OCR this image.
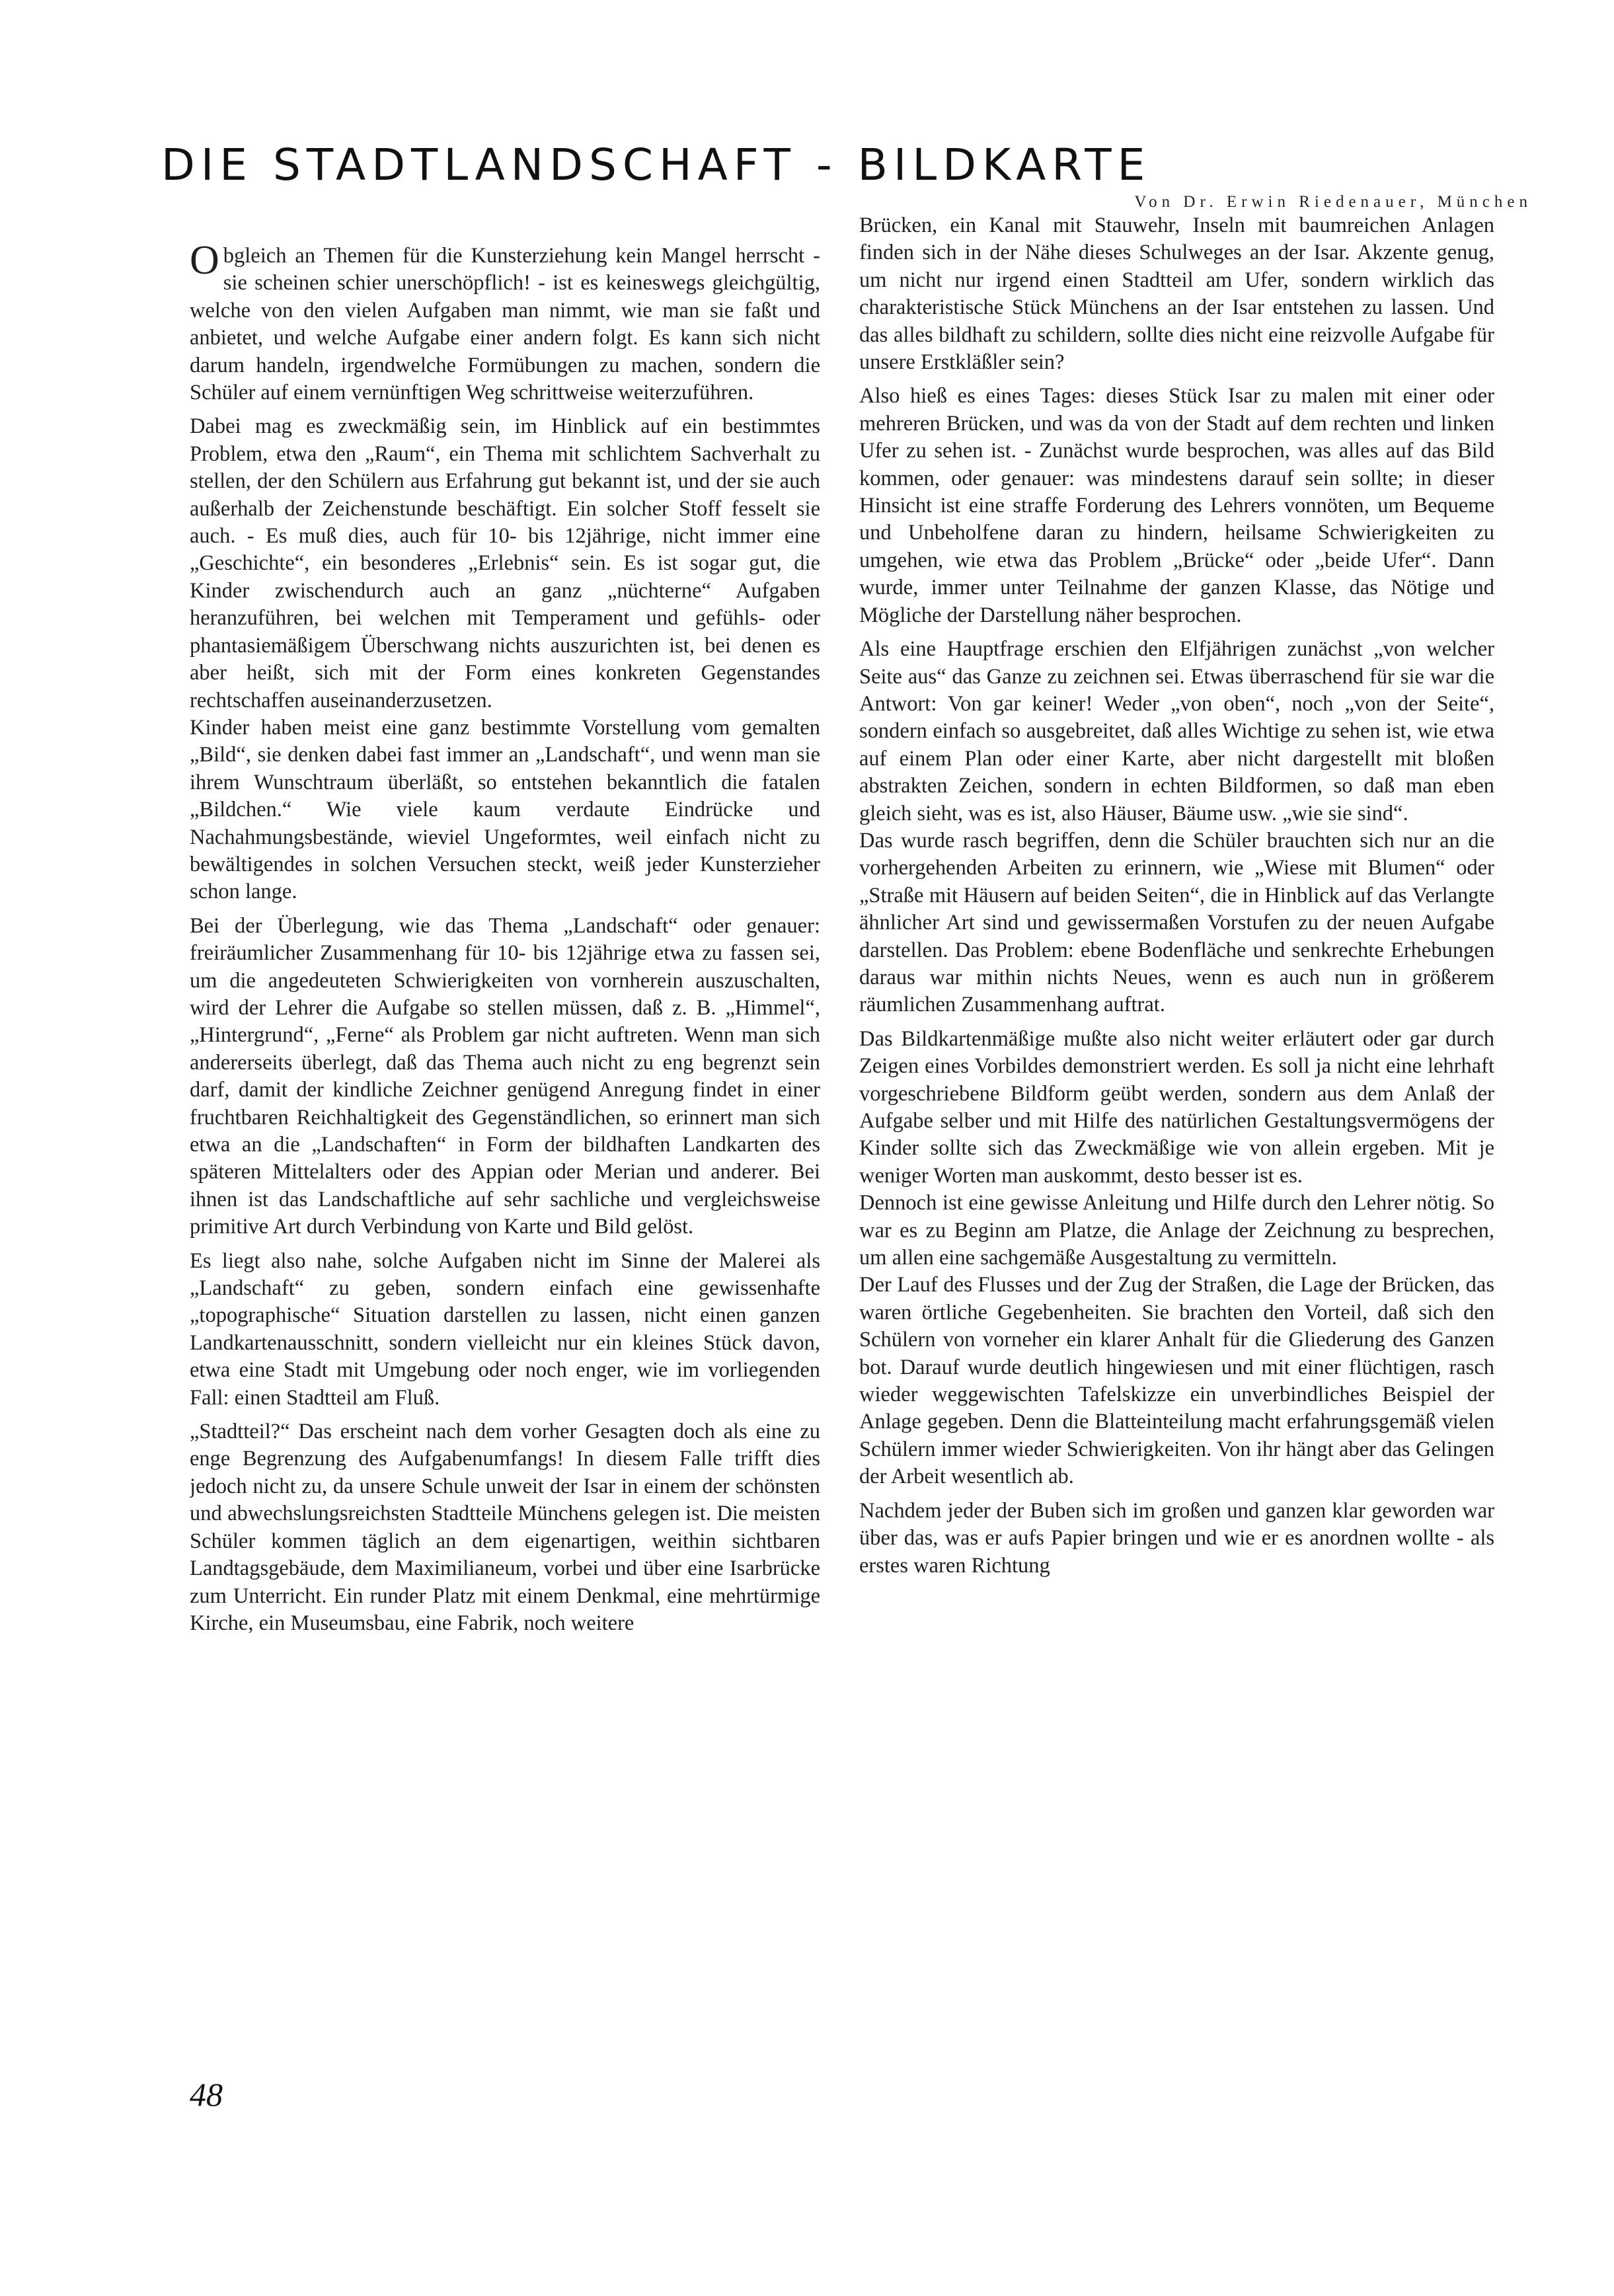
DIE STADTLANDSCHAFT - BILDKARTE
Von Dr. Erwin Riedenauer, München

Obgleich an Themen für die Kunsterziehung kein Mangel herrscht - sie scheinen schier unerschöpflich! - ist es keineswegs gleichgültig, welche von den vielen Aufgaben man nimmt, wie man sie faßt und anbietet, und welche Aufgabe einer andern folgt. Es kann sich nicht darum handeln, irgendwelche Formübungen zu machen, sondern die Schüler auf einem vernünftigen Weg schrittweise weiterzuführen.

Dabei mag es zweckmäßig sein, im Hinblick auf ein bestimmtes Problem, etwa den „Raum“, ein Thema mit schlichtem Sachverhalt zu stellen, der den Schülern aus Erfahrung gut bekannt ist, und der sie auch außerhalb der Zeichenstunde beschäftigt. Ein solcher Stoff fesselt sie auch. - Es muß dies, auch für 10- bis 12jährige, nicht immer eine „Geschichte“, ein besonderes „Erlebnis“ sein. Es ist sogar gut, die Kinder zwischendurch auch an ganz „nüchterne“ Aufgaben heranzuführen, bei welchen mit Temperament und gefühls- oder phantasiemäßigem Überschwang nichts auszurichten ist, bei denen es aber heißt, sich mit der Form eines konkreten Gegenstandes rechtschaffen auseinanderzusetzen.

Kinder haben meist eine ganz bestimmte Vorstellung vom gemalten „Bild“, sie denken dabei fast immer an „Landschaft“, und wenn man sie ihrem Wunschtraum überläßt, so entstehen bekanntlich die fatalen „Bildchen.“ Wie viele kaum verdaute Eindrücke und Nachahmungsbestände, wieviel Ungeformtes, weil einfach nicht zu bewältigendes in solchen Versuchen steckt, weiß jeder Kunsterzieher schon lange.

Bei der Überlegung, wie das Thema „Landschaft“ oder genauer: freiräumlicher Zusammenhang für 10- bis 12jährige etwa zu fassen sei, um die angedeuteten Schwierigkeiten von vornherein auszuschalten, wird der Lehrer die Aufgabe so stellen müssen, daß z. B. „Himmel“, „Hintergrund“, „Ferne“ als Problem gar nicht auftreten. Wenn man sich andererseits überlegt, daß das Thema auch nicht zu eng begrenzt sein darf, damit der kindliche Zeichner genügend Anregung findet in einer fruchtbaren Reichhaltigkeit des Gegenständlichen, so erinnert man sich etwa an die „Landschaften“ in Form der bildhaften Landkarten des späteren Mittelalters oder des Appian oder Merian und anderer. Bei ihnen ist das Landschaftliche auf sehr sachliche und vergleichsweise primitive Art durch Verbindung von Karte und Bild gelöst.

Es liegt also nahe, solche Aufgaben nicht im Sinne der Malerei als „Landschaft“ zu geben, sondern einfach eine gewissenhafte „topographische“ Situation darstellen zu lassen, nicht einen ganzen Landkartenausschnitt, sondern vielleicht nur ein kleines Stück davon, etwa eine Stadt mit Umgebung oder noch enger, wie im vorliegenden Fall: einen Stadtteil am Fluß.

„Stadtteil?“ Das erscheint nach dem vorher Gesagten doch als eine zu enge Begrenzung des Aufgabenumfangs! In diesem Falle trifft dies jedoch nicht zu, da unsere Schule unweit der Isar in einem der schönsten und abwechslungsreichsten Stadtteile Münchens gelegen ist. Die meisten Schüler kommen täglich an dem eigenartigen, weithin sichtbaren Landtagsgebäude, dem Maximilianeum, vorbei und über eine Isarbrücke zum Unterricht. Ein runder Platz mit einem Denkmal, eine mehrtürmige Kirche, ein Museumsbau, eine Fabrik, noch weitere

Brücken, ein Kanal mit Stauwehr, Inseln mit baumreichen Anlagen finden sich in der Nähe dieses Schulweges an der Isar. Akzente genug, um nicht nur irgend einen Stadtteil am Ufer, sondern wirklich das charakteristische Stück Münchens an der Isar entstehen zu lassen. Und das alles bildhaft zu schildern, sollte dies nicht eine reizvolle Aufgabe für unsere Erstkläßler sein?

Also hieß es eines Tages: dieses Stück Isar zu malen mit einer oder mehreren Brücken, und was da von der Stadt auf dem rechten und linken Ufer zu sehen ist. - Zunächst wurde besprochen, was alles auf das Bild kommen, oder genauer: was mindestens darauf sein sollte; in dieser Hinsicht ist eine straffe Forderung des Lehrers vonnöten, um Bequeme und Unbeholfene daran zu hindern, heilsame Schwierigkeiten zu umgehen, wie etwa das Problem „Brücke“ oder „beide Ufer“. Dann wurde, immer unter Teilnahme der ganzen Klasse, das Nötige und Mögliche der Darstellung näher besprochen.

Als eine Hauptfrage erschien den Elfjährigen zunächst „von welcher Seite aus“ das Ganze zu zeichnen sei. Etwas überraschend für sie war die Antwort: Von gar keiner! Weder „von oben“, noch „von der Seite“, sondern einfach so ausgebreitet, daß alles Wichtige zu sehen ist, wie etwa auf einem Plan oder einer Karte, aber nicht dargestellt mit bloßen abstrakten Zeichen, sondern in echten Bildformen, so daß man eben gleich sieht, was es ist, also Häuser, Bäume usw. „wie sie sind“.

Das wurde rasch begriffen, denn die Schüler brauchten sich nur an die vorhergehenden Arbeiten zu erinnern, wie „Wiese mit Blumen“ oder „Straße mit Häusern auf beiden Seiten“, die in Hinblick auf das Verlangte ähnlicher Art sind und gewissermaßen Vorstufen zu der neuen Aufgabe darstellen. Das Problem: ebene Bodenfläche und senkrechte Erhebungen daraus war mithin nichts Neues, wenn es auch nun in größerem räumlichen Zusammenhang auftrat.

Das Bildkartenmäßige mußte also nicht weiter erläutert oder gar durch Zeigen eines Vorbildes demonstriert werden. Es soll ja nicht eine lehrhaft vorgeschriebene Bildform geübt werden, sondern aus dem Anlaß der Aufgabe selber und mit Hilfe des natürlichen Gestaltungsvermögens der Kinder sollte sich das Zweckmäßige wie von allein ergeben. Mit je weniger Worten man auskommt, desto besser ist es.

Dennoch ist eine gewisse Anleitung und Hilfe durch den Lehrer nötig. So war es zu Beginn am Platze, die Anlage der Zeichnung zu besprechen, um allen eine sachgemäße Ausgestaltung zu vermitteln.

Der Lauf des Flusses und der Zug der Straßen, die Lage der Brücken, das waren örtliche Gegebenheiten. Sie brachten den Vorteil, daß sich den Schülern von vorneher ein klarer Anhalt für die Gliederung des Ganzen bot. Darauf wurde deutlich hingewiesen und mit einer flüchtigen, rasch wieder weggewischten Tafelskizze ein unverbindliches Beispiel der Anlage gegeben. Denn die Blatteinteilung macht erfahrungsgemäß vielen Schülern immer wieder Schwierigkeiten. Von ihr hängt aber das Gelingen der Arbeit wesentlich ab.

Nachdem jeder der Buben sich im großen und ganzen klar geworden war über das, was er aufs Papier bringen und wie er es anordnen wollte - als erstes waren Richtung

48
